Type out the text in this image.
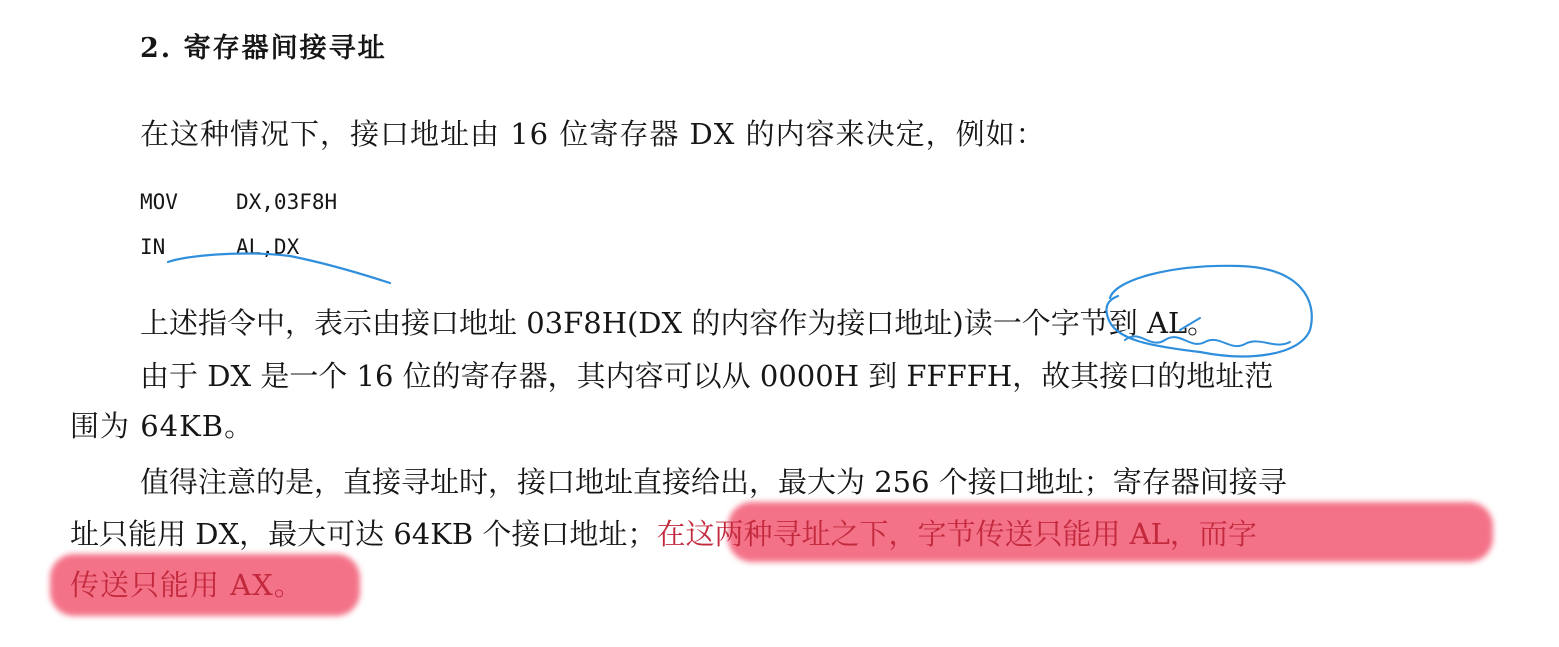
2. 寄存器间接寻址
在这种情况下，接口地址由 16 位寄存器 DX 的内容来决定，例如：
MOV	DX,03F8H
IN	AL,DX
上述指令中，表示由接口地址 03F8H(DX 的内容作为接口地址)读一个字节到 AL。
由于 DX 是一个 16 位的寄存器，其内容可以从 0000H 到 FFFFH，故其接口的地址范
围为 64KB。
值得注意的是，直接寻址时，接口地址直接给出，最大为 256 个接口地址；寄存器间接寻
址只能用 DX，最大可达 64KB 个接口地址；在这两种寻址之下，字节传送只能用 AL，而字
传送只能用 AX。
